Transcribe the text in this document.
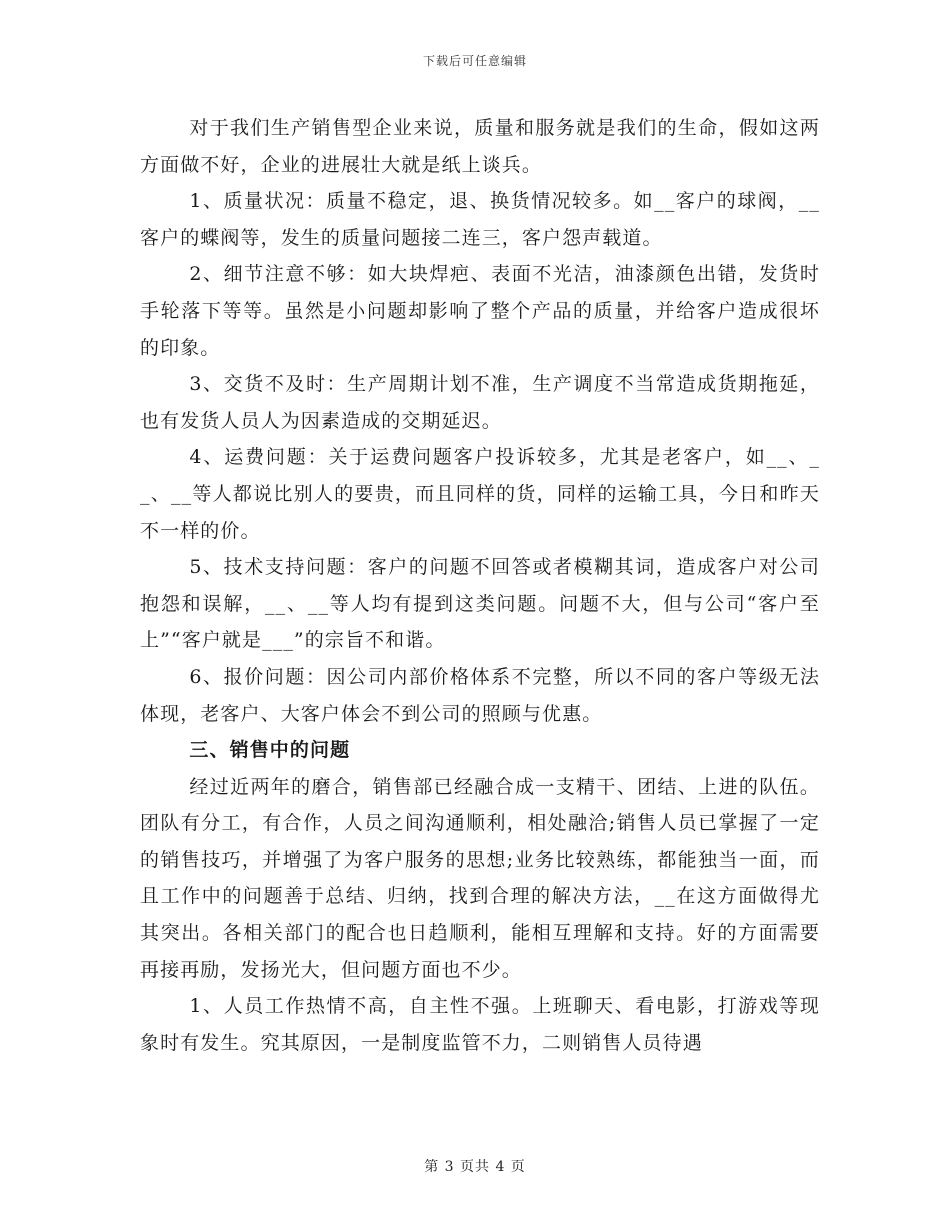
下载后可任意编辑

对于我们生产销售型企业来说，质量和服务就是我们的生命，假如这两方面做不好，企业的进展壮大就是纸上谈兵。

1、质量状况：质量不稳定，退、换货情况较多。如__客户的球阀，__客户的蝶阀等，发生的质量问题接二连三，客户怨声载道。

2、细节注意不够：如大块焊疤、表面不光洁，油漆颜色出错，发货时手轮落下等等。虽然是小问题却影响了整个产品的质量，并给客户造成很坏的印象。

3、交货不及时：生产周期计划不准，生产调度不当常造成货期拖延，也有发货人员人为因素造成的交期延迟。

4、运费问题：关于运费问题客户投诉较多，尤其是老客户，如__、__、__等人都说比别人的要贵，而且同样的货，同样的运输工具，今日和昨天不一样的价。

5、技术支持问题：客户的问题不回答或者模糊其词，造成客户对公司抱怨和误解，__、__等人均有提到这类问题。问题不大，但与公司“客户至上”“客户就是___”的宗旨不和谐。

6、报价问题：因公司内部价格体系不完整，所以不同的客户等级无法体现，老客户、大客户体会不到公司的照顾与优惠。

三、销售中的问题

经过近两年的磨合，销售部已经融合成一支精干、团结、上进的队伍。团队有分工，有合作，人员之间沟通顺利，相处融洽;销售人员已掌握了一定的销售技巧，并增强了为客户服务的思想;业务比较熟练，都能独当一面，而且工作中的问题善于总结、归纳，找到合理的解决方法，__在这方面做得尤其突出。各相关部门的配合也日趋顺利，能相互理解和支持。好的方面需要再接再励，发扬光大，但问题方面也不少。

1、人员工作热情不高，自主性不强。上班聊天、看电影，打游戏等现象时有发生。究其原因，一是制度监管不力，二则销售人员待遇

第 3 页共 4 页
